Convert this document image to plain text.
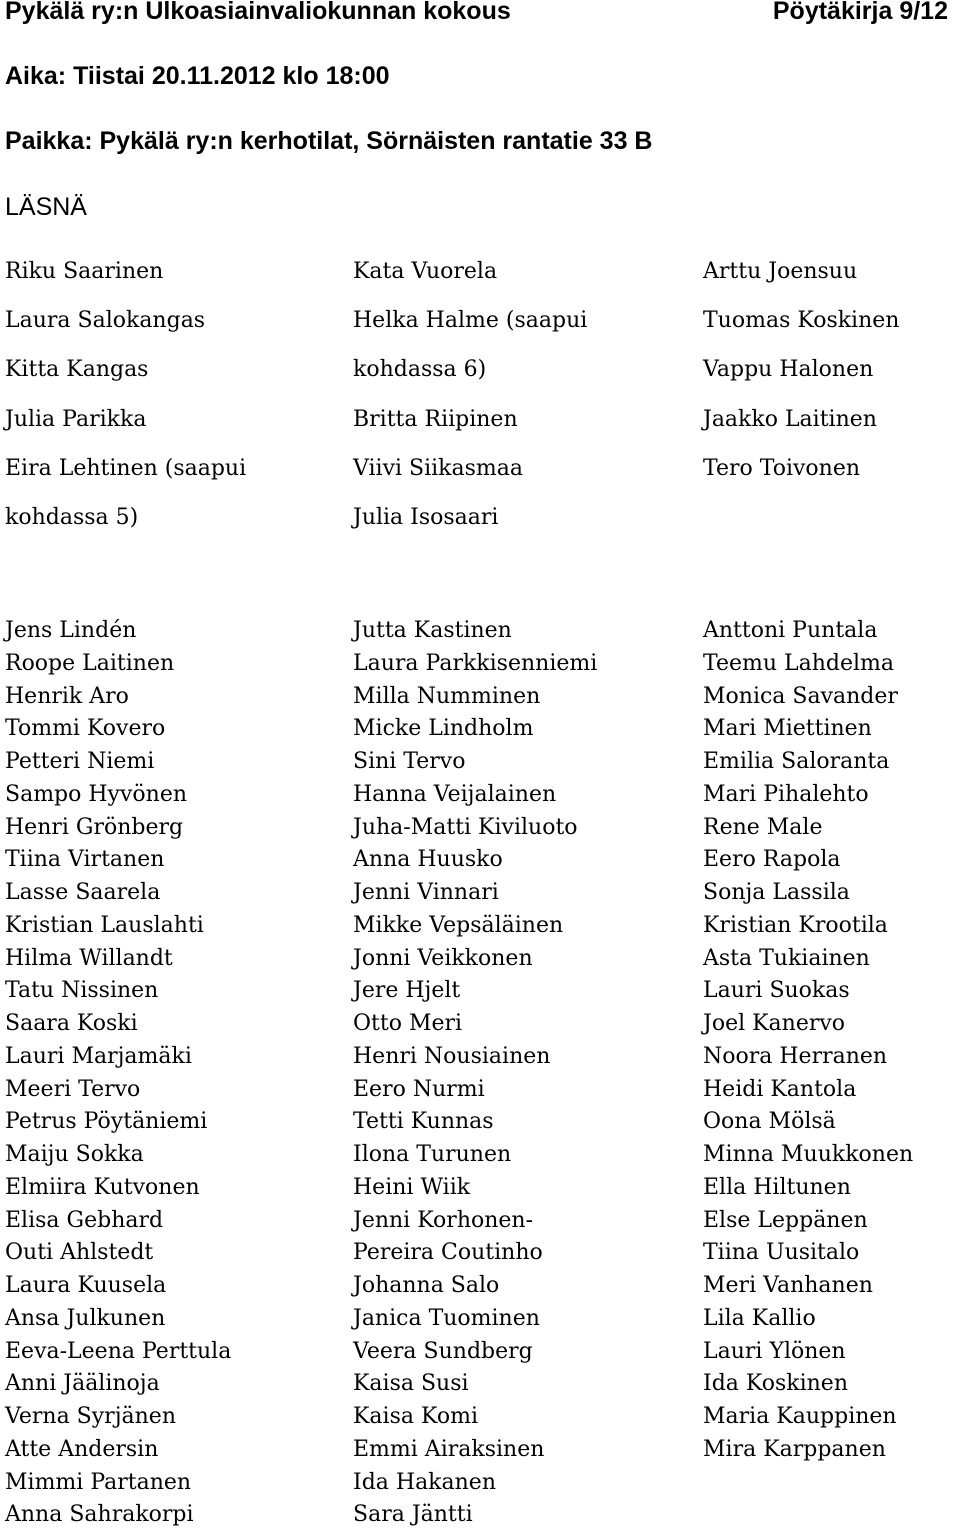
Pykälä ry:n Ulkoasiainvaliokunnan kokous	Pöytäkirja 9/12
Aika: Tiistai 20.11.2012 klo 18:00
Paikka: Pykälä ry:n kerhotilat, Sörnäisten rantatie 33 B
LÄSNÄ
Riku Saarinen	Kata Vuorela	Arttu Joensuu
Laura Salokangas	Helka Halme (saapui	Tuomas Koskinen
Kitta Kangas	kohdassa 6)	Vappu Halonen
Julia Parikka	Britta Riipinen	Jaakko Laitinen
Eira Lehtinen (saapui	Viivi Siikasmaa	Tero Toivonen
kohdassa 5)	Julia Isosaari
Jens Lindén	Jutta Kastinen	Anttoni Puntala
Roope Laitinen	Laura Parkkisenniemi	Teemu Lahdelma
Henrik Aro	Milla Numminen	Monica Savander
Tommi Kovero	Micke Lindholm	Mari Miettinen
Petteri Niemi	Sini Tervo	Emilia Saloranta
Sampo Hyvönen	Hanna Veijalainen	Mari Pihalehto
Henri Grönberg	Juha-Matti Kiviluoto	Rene Male
Tiina Virtanen	Anna Huusko	Eero Rapola
Lasse Saarela	Jenni Vinnari	Sonja Lassila
Kristian Lauslahti	Mikke Vepsäläinen	Kristian Krootila
Hilma Willandt	Jonni Veikkonen	Asta Tukiainen
Tatu Nissinen	Jere Hjelt	Lauri Suokas
Saara Koski	Otto Meri	Joel Kanervo
Lauri Marjamäki	Henri Nousiainen	Noora Herranen
Meeri Tervo	Eero Nurmi	Heidi Kantola
Petrus Pöytäniemi	Tetti Kunnas	Oona Mölsä
Maiju Sokka	Ilona Turunen	Minna Muukkonen
Elmiira Kutvonen	Heini Wiik	Ella Hiltunen
Elisa Gebhard	Jenni Korhonen-	Else Leppänen
Outi Ahlstedt	Pereira Coutinho	Tiina Uusitalo
Laura Kuusela	Johanna Salo	Meri Vanhanen
Ansa Julkunen	Janica Tuominen	Lila Kallio
Eeva-Leena Perttula	Veera Sundberg	Lauri Ylönen
Anni Jäälinoja	Kaisa Susi	Ida Koskinen
Verna Syrjänen	Kaisa Komi	Maria Kauppinen
Atte Andersin	Emmi Airaksinen	Mira Karppanen
Mimmi Partanen	Ida Hakanen
Anna Sahrakorpi	Sara Jäntti
